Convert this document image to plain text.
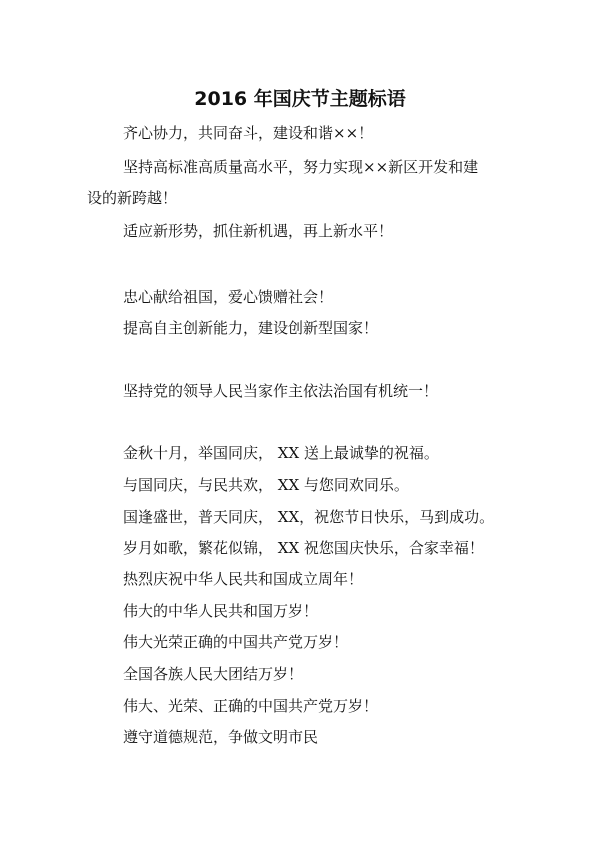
2016 年国庆节主题标语

齐心协力，共同奋斗，建设和谐××！

坚持高标准高质量高水平，努力实现××新区开发和建

设的新跨越！

适应新形势，抓住新机遇，再上新水平！

忠心献给祖国，爱心馈赠社会！

提高自主创新能力，建设创新型国家！

坚持党的领导人民当家作主依法治国有机统一！

金秋十月，举国同庆， XX 送上最诚挚的祝福。

与国同庆，与民共欢， XX 与您同欢同乐。

国逢盛世，普天同庆， XX，祝您节日快乐，马到成功。

岁月如歌，繁花似锦， XX 祝您国庆快乐，合家幸福！

热烈庆祝中华人民共和国成立周年！

伟大的中华人民共和国万岁！

伟大光荣正确的中国共产党万岁！

全国各族人民大团结万岁！

伟大、光荣、正确的中国共产党万岁！

遵守道德规范，争做文明市民
